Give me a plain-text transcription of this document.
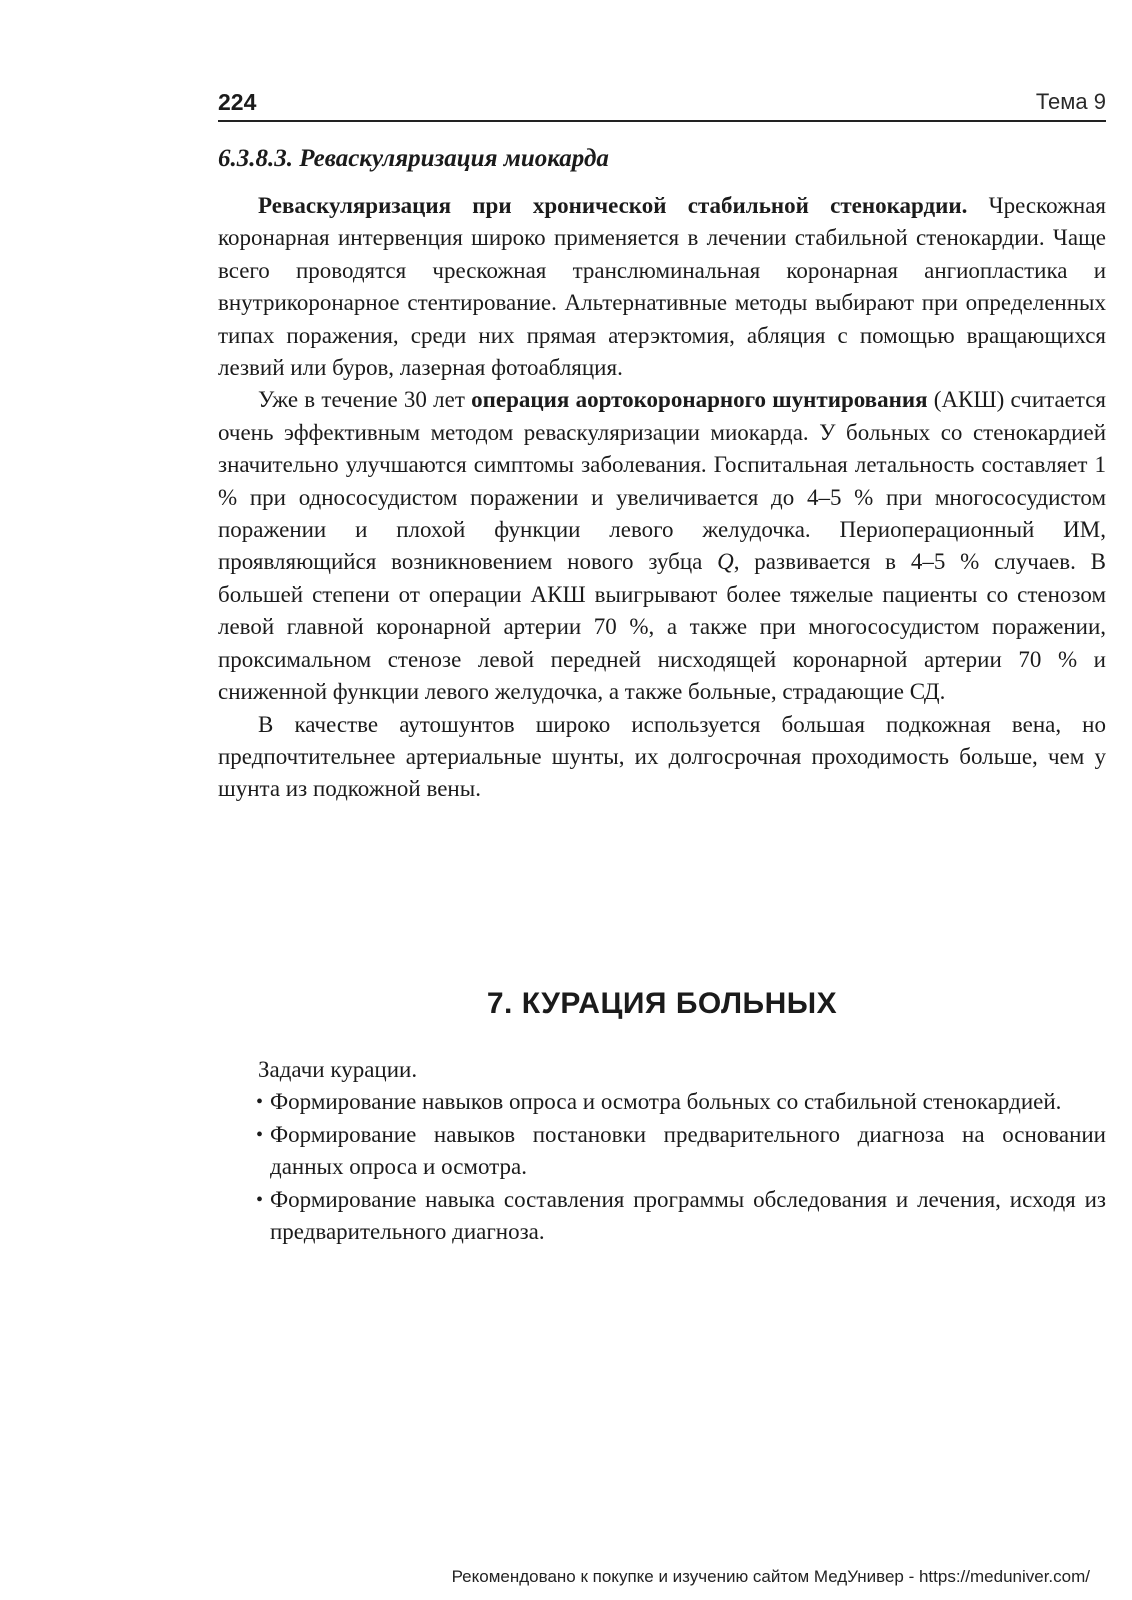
224	Тема 9
6.3.8.3. Реваскуляризация миокарда

Реваскуляризация при хронической стабильной стенокардии. Чрескожная коронарная интервенция широко применяется в лечении стабильной стенокардии. Чаще всего проводятся чрескожная транслюминальная коронарная ангиопластика и внутрикоронарное стентирование. Альтернативные методы выбирают при определенных типах поражения, среди них прямая атерэктомия, абляция с помощью вращающихся лезвий или буров, лазерная фотоабляция.

Уже в течение 30 лет операция аортокоронарного шунтирования (АКШ) считается очень эффективным методом реваскуляризации миокарда. У больных со стенокардией значительно улучшаются симптомы заболевания. Госпитальная летальность составляет 1 % при однососудистом поражении и увеличивается до 4–5 % при многососудистом поражении и плохой функции левого желудочка. Периоперационный ИМ, проявляющийся возникновением нового зубца Q, развивается в 4–5 % случаев. В большей степени от операции АКШ выигрывают более тяжелые пациенты со стенозом левой главной коронарной артерии 70 %, а также при многососудистом поражении, проксимальном стенозе левой передней нисходящей коронарной артерии 70 % и сниженной функции левого желудочка, а также больные, страдающие СД.

В качестве аутошунтов широко используется большая подкожная вена, но предпочтительнее артериальные шунты, их долгосрочная проходимость больше, чем у шунта из подкожной вены.

7. КУРАЦИЯ БОЛЬНЫХ

Задачи курации.

• Формирование навыков опроса и осмотра больных со стабильной стенокардией.
• Формирование навыков постановки предварительного диагноза на основании данных опроса и осмотра.
• Формирование навыка составления программы обследования и лечения, исходя из предварительного диагноза.
Рекомендовано к покупке и изучению сайтом МедУнивер - https://meduniver.com/
